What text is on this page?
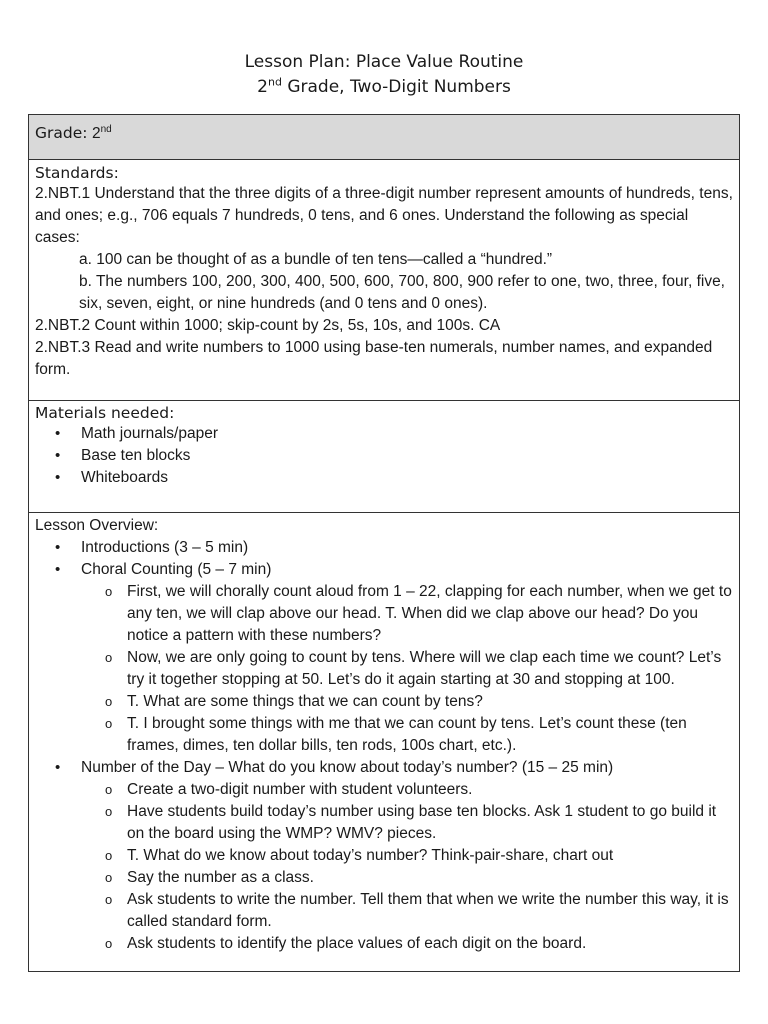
Lesson Plan: Place Value Routine
2nd Grade, Two-Digit Numbers
Grade: 2nd
Standards:
2.NBT.1 Understand that the three digits of a three-digit number represent amounts of hundreds, tens, and ones; e.g., 706 equals 7 hundreds, 0 tens, and 6 ones. Understand the following as special cases:
a. 100 can be thought of as a bundle of ten tens—called a “hundred.”
b. The numbers 100, 200, 300, 400, 500, 600, 700, 800, 900 refer to one, two, three, four, five, six, seven, eight, or nine hundreds (and 0 tens and 0 ones).
2.NBT.2 Count within 1000; skip-count by 2s, 5s, 10s, and 100s. CA
2.NBT.3 Read and write numbers to 1000 using base-ten numerals, number names, and expanded form.
Materials needed:
• Math journals/paper
• Base ten blocks
• Whiteboards
Lesson Overview:
• Introductions (3 – 5 min)
• Choral Counting (5 – 7 min)
o First, we will chorally count aloud from 1 – 22, clapping for each number, when we get to any ten, we will clap above our head. T. When did we clap above our head? Do you notice a pattern with these numbers?
o Now, we are only going to count by tens. Where will we clap each time we count? Let’s try it together stopping at 50. Let’s do it again starting at 30 and stopping at 100.
o T. What are some things that we can count by tens?
o T. I brought some things with me that we can count by tens. Let’s count these (ten frames, dimes, ten dollar bills, ten rods, 100s chart, etc.).
• Number of the Day – What do you know about today’s number? (15 – 25 min)
o Create a two-digit number with student volunteers.
o Have students build today’s number using base ten blocks. Ask 1 student to go build it on the board using the WMP? WMV? pieces.
o T. What do we know about today’s number? Think-pair-share, chart out
o Say the number as a class.
o Ask students to write the number. Tell them that when we write the number this way, it is called standard form.
o Ask students to identify the place values of each digit on the board.
